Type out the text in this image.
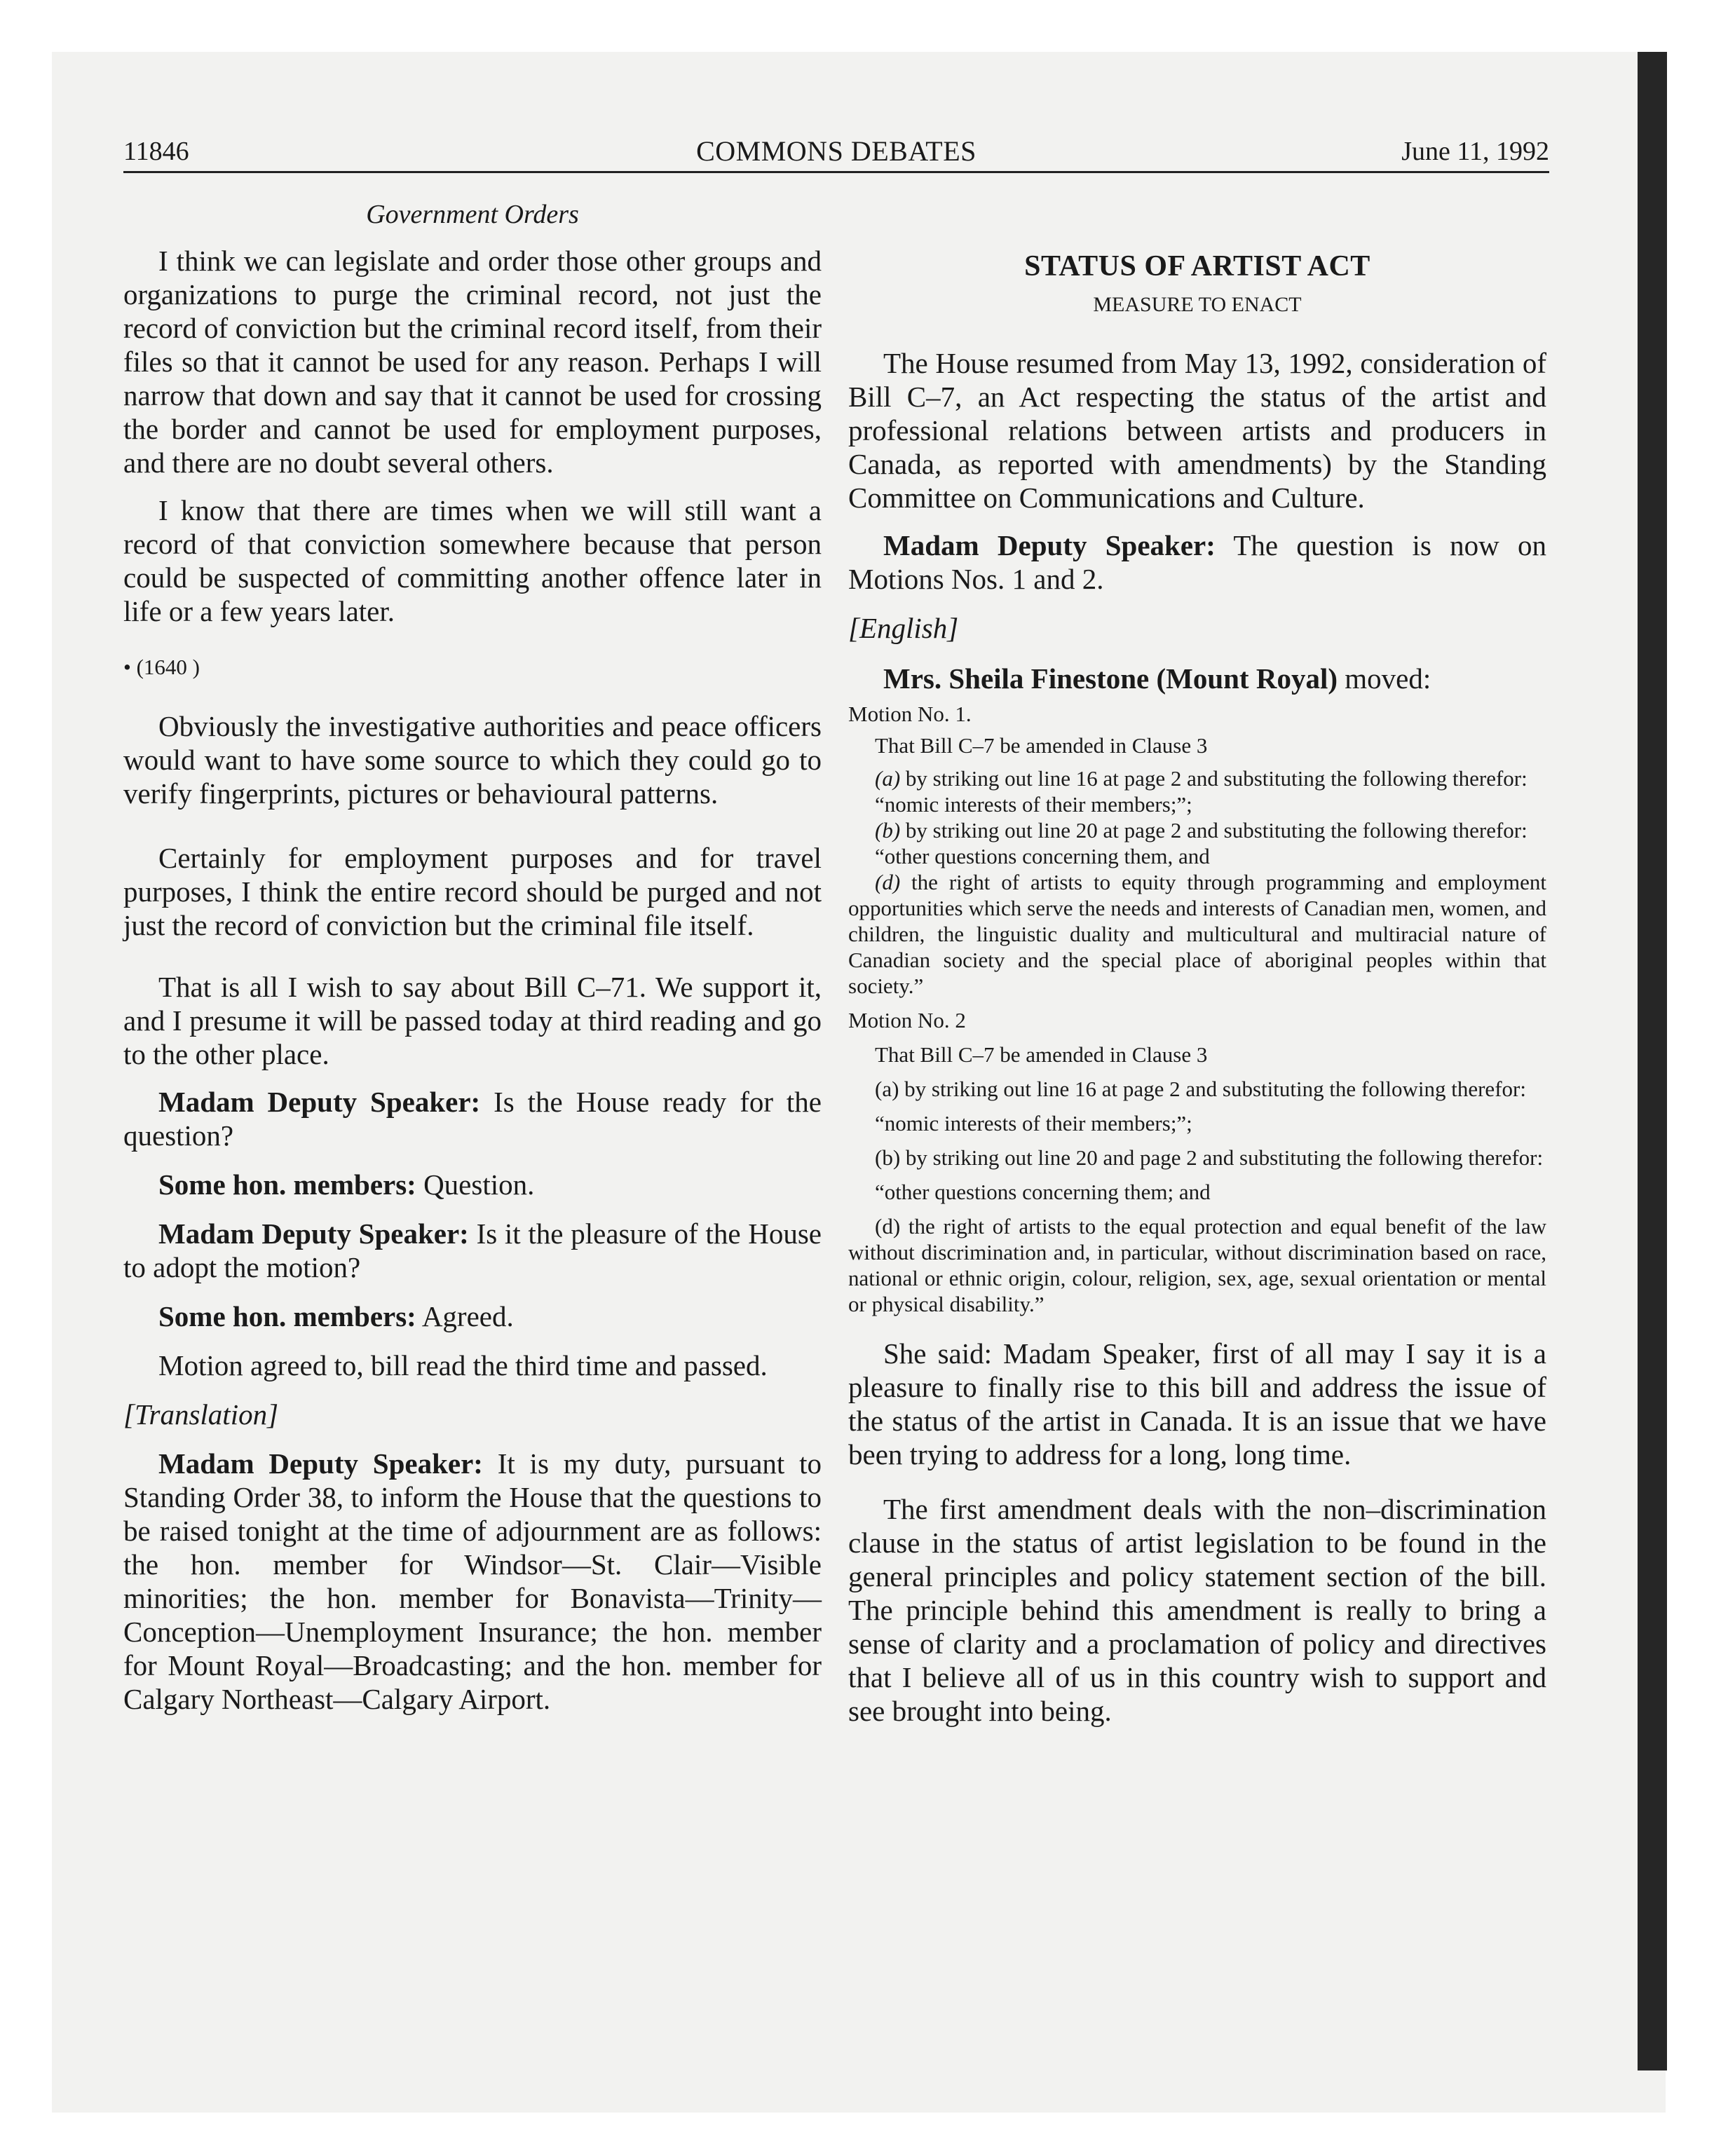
11846	COMMONS DEBATES	June 11, 1992
Government Orders

I think we can legislate and order those other groups and organizations to purge the criminal record, not just the record of conviction but the criminal record itself, from their files so that it cannot be used for any reason. Perhaps I will narrow that down and say that it cannot be used for crossing the border and cannot be used for employment purposes, and there are no doubt several others.

I know that there are times when we will still want a record of that conviction somewhere because that person could be suspected of committing another offence later in life or a few years later.

• (1640 )

Obviously the investigative authorities and peace officers would want to have some source to which they could go to verify fingerprints, pictures or behavioural patterns.

Certainly for employment purposes and for travel purposes, I think the entire record should be purged and not just the record of conviction but the criminal file itself.

That is all I wish to say about Bill C–71. We support it, and I presume it will be passed today at third reading and go to the other place.

Madam Deputy Speaker: Is the House ready for the question?

Some hon. members: Question.

Madam Deputy Speaker: Is it the pleasure of the House to adopt the motion?

Some hon. members: Agreed.

Motion agreed to, bill read the third time and passed.

[Translation]

Madam Deputy Speaker: It is my duty, pursuant to Standing Order 38, to inform the House that the questions to be raised tonight at the time of adjournment are as follows: the hon. member for Windsor—St. Clair—Visible minorities; the hon. member for Bonavista—Trinity—Conception—Unemployment Insurance; the hon. member for Mount Royal—Broadcasting; and the hon. member for Calgary Northeast—Calgary Airport.

STATUS OF ARTIST ACT
MEASURE TO ENACT

The House resumed from May 13, 1992, consideration of Bill C–7, an Act respecting the status of the artist and professional relations between artists and producers in Canada, as reported with amendments) by the Standing Committee on Communications and Culture.

Madam Deputy Speaker: The question is now on Motions Nos. 1 and 2.

[English]

Mrs. Sheila Finestone (Mount Royal) moved:

Motion No. 1.
That Bill C–7 be amended in Clause 3
(a) by striking out line 16 at page 2 and substituting the following therefor:
“nomic interests of their members;”;
(b) by striking out line 20 at page 2 and substituting the following therefor:
“other questions concerning them, and
(d) the right of artists to equity through programming and employment opportunities which serve the needs and interests of Canadian men, women, and children, the linguistic duality and multicultural and multiracial nature of Canadian society and the special place of aboriginal peoples within that society.”
Motion No. 2
That Bill C–7 be amended in Clause 3
(a) by striking out line 16 at page 2 and substituting the following therefor:
“nomic interests of their members;”;
(b) by striking out line 20 and page 2 and substituting the following therefor:
“other questions concerning them; and
(d) the right of artists to the equal protection and equal benefit of the law without discrimination and, in particular, without discrimination based on race, national or ethnic origin, colour, religion, sex, age, sexual orientation or mental or physical disability.”

She said: Madam Speaker, first of all may I say it is a pleasure to finally rise to this bill and address the issue of the status of the artist in Canada. It is an issue that we have been trying to address for a long, long time.

The first amendment deals with the non–discrimination clause in the status of artist legislation to be found in the general principles and policy statement section of the bill. The principle behind this amendment is really to bring a sense of clarity and a proclamation of policy and directives that I believe all of us in this country wish to support and see brought into being.
